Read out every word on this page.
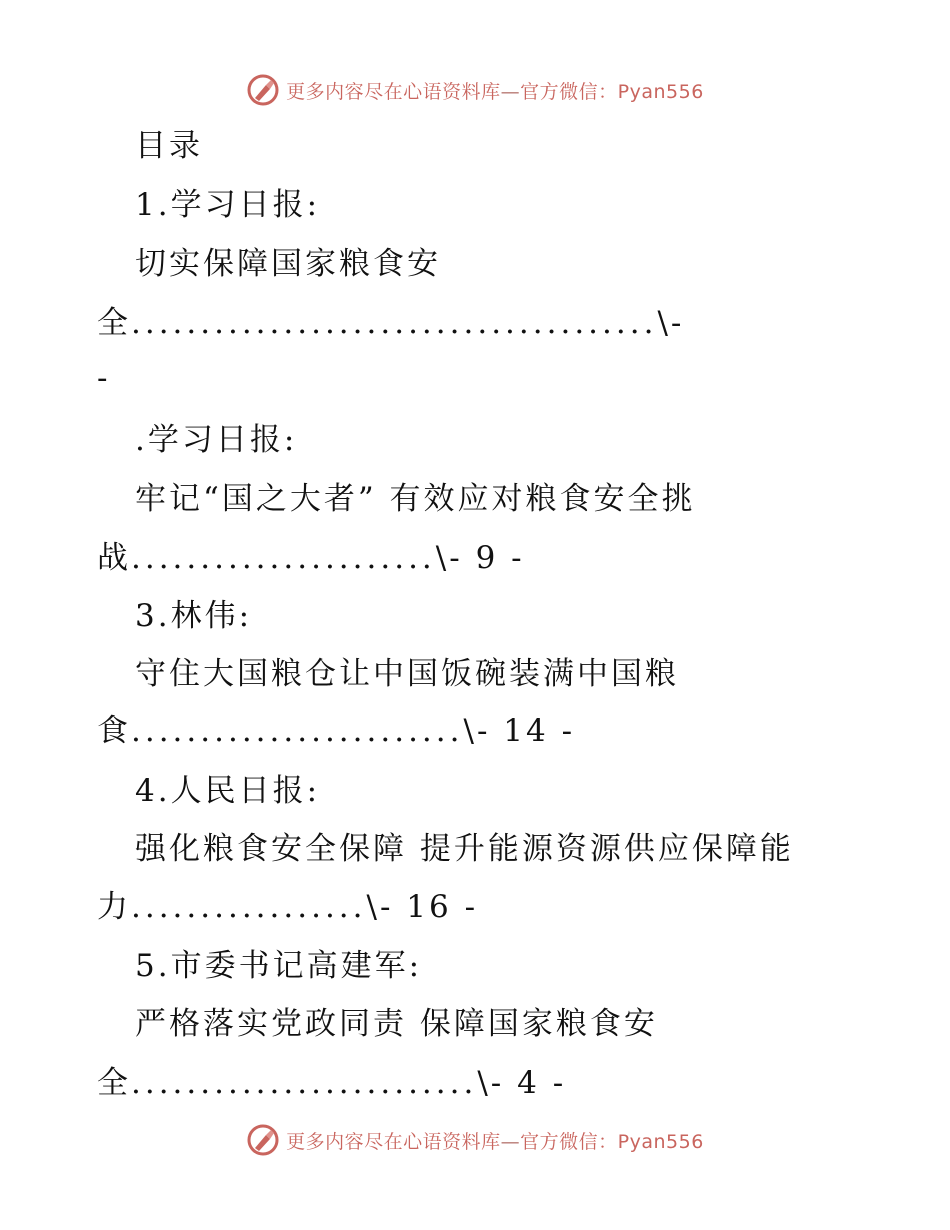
更多内容尽在心语资料库—官方微信：Pyan556
目录
1.学习日报:
切实保障国家粮食安
全......................................\-
-
.学习日报:
牢记“国之大者” 有效应对粮食安全挑
战......................\- 9 -
3.林伟:
守住大国粮仓让中国饭碗装满中国粮
食........................\- 14 -
4.人民日报:
强化粮食安全保障 提升能源资源供应保障能
力.................\- 16 -
5.市委书记高建军:
严格落实党政同责 保障国家粮食安
全.........................\- 4 -
更多内容尽在心语资料库—官方微信：Pyan556
